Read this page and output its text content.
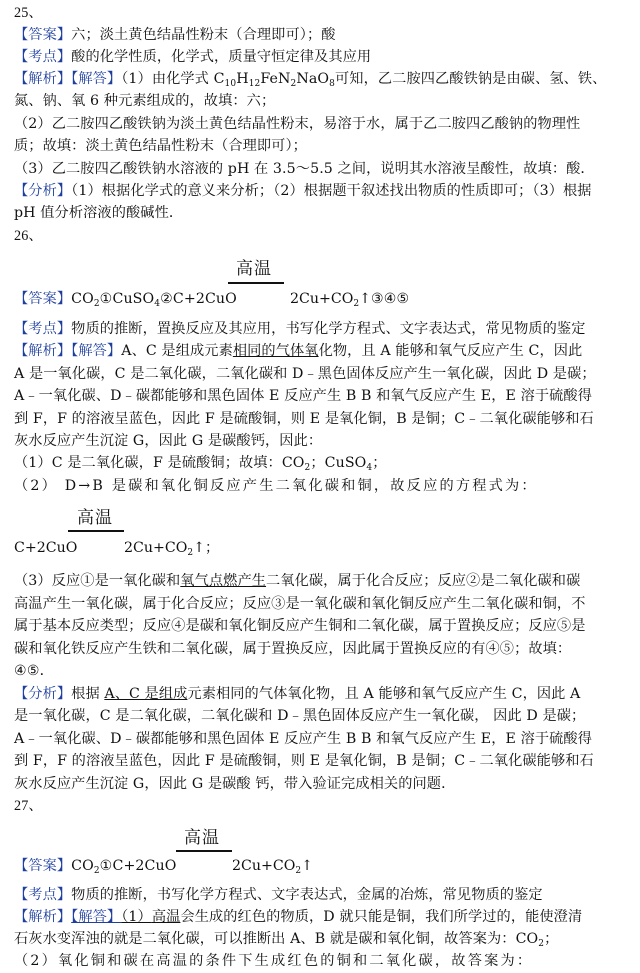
25、
【答案】六；淡土黄色结晶性粉末（合理即可）；酸
【考点】酸的化学性质，化学式，质量守恒定律及其应用
【解析】【解答】（1）由化学式 $C_{10}H_{12}FeN_2NaO_8$可知，乙二胺四乙酸铁钠是由碳、氢、铁、
氮、钠、氧 6 种元素组成的，故填：六；
（2）乙二胺四乙酸铁钠为淡土黄色结晶性粉末，易溶于水，属于乙二胺四乙酸钠的物理性
质；故填：淡土黄色结晶性粉末（合理即可）；
（3）乙二胺四乙酸铁钠水溶液的 pH 在 3.5～5.5 之间，说明其水溶液呈酸性，故填：酸．
【分析】（1）根据化学式的意义来分析；（2）根据题干叙述找出物质的性质即可；（3）根据
pH 值分析溶液的酸碱性．
26、
高温
【答案】$CO_2①CuSO_4②C+2CuO$	$2Cu+CO_2↑③④⑤$
【考点】物质的推断，置换反应及其应用，书写化学方程式、文字表达式，常见物质的鉴定
【解析】【解答】A、C 是组成元素相同的气体氧化物，且 A 能够和氧气反应产生 C，因此
A 是一氧化碳，C 是二氧化碳，二氧化碳和 D﹣黑色固体反应产生一氧化碳，因此 D 是碳；
A﹣一氧化碳、D﹣碳都能够和黑色固体 E 反应产生 B B 和氧气反应产生 E，E 溶于硫酸得
到 F，F 的溶液呈蓝色，因此 F 是硫酸铜，则 E 是氧化铜，B 是铜；C﹣二氧化碳能够和石
灰水反应产生沉淀 G，因此 G 是碳酸钙，因此：
（1）C 是二氧化碳，F 是硫酸铜；故填：$CO_2$；CuSO$_4$；
（2） D→B 是碳和氧化铜反应产生二氧化碳和铜，故反应的方程式为：
高温
C+2CuO	$2Cu+CO_2↑$；
（3）反应①是一氧化碳和氧气点燃产生二氧化碳，属于化合反应；反应②是二氧化碳和碳
高温产生一氧化碳，属于化合反应；反应③是一氧化碳和氧化铜反应产生二氧化碳和铜，不
属于基本反应类型；反应④是碳和氧化铜反应产生铜和二氧化碳，属于置换反应；反应⑤是
碳和氧化铁反应产生铁和二氧化碳，属于置换反应，因此属于置换反应的有④⑤；故填：
④⑤．
【分析】根据 A、C 是组成元素相同的气体氧化物，且 A 能够和氧气反应产生 C，因此 A
是一氧化碳，C 是二氧化碳，二氧化碳和 D﹣黑色固体反应产生一氧化碳， 因此 D 是碳；
A﹣一氧化碳、D﹣碳都能够和黑色固体 E 反应产生 B B 和氧气反应产生 E，E 溶于硫酸得
到 F，F 的溶液呈蓝色，因此 F 是硫酸铜，则 E 是氧化铜，B 是铜；C﹣二氧化碳能够和石
灰水反应产生沉淀 G，因此 G 是碳酸 钙，带入验证完成相关的问题．
27、
高温
【答案】$CO_2①C+2CuO$	$2Cu+CO_2↑$
【考点】物质的推断，书写化学方程式、文字表达式，金属的冶炼，常见物质的鉴定
【解析】【解答】（1）高温会生成的红色的物质，D 就只能是铜，我们所学过的，能使澄清
石灰水变浑浊的就是二氧化碳，可以推断出 A、B 就是碳和氧化铜，故答案为：$CO_2$；
（2）氧化铜和碳在高温的条件下生成红色的铜和二氧化碳，故答案为：
